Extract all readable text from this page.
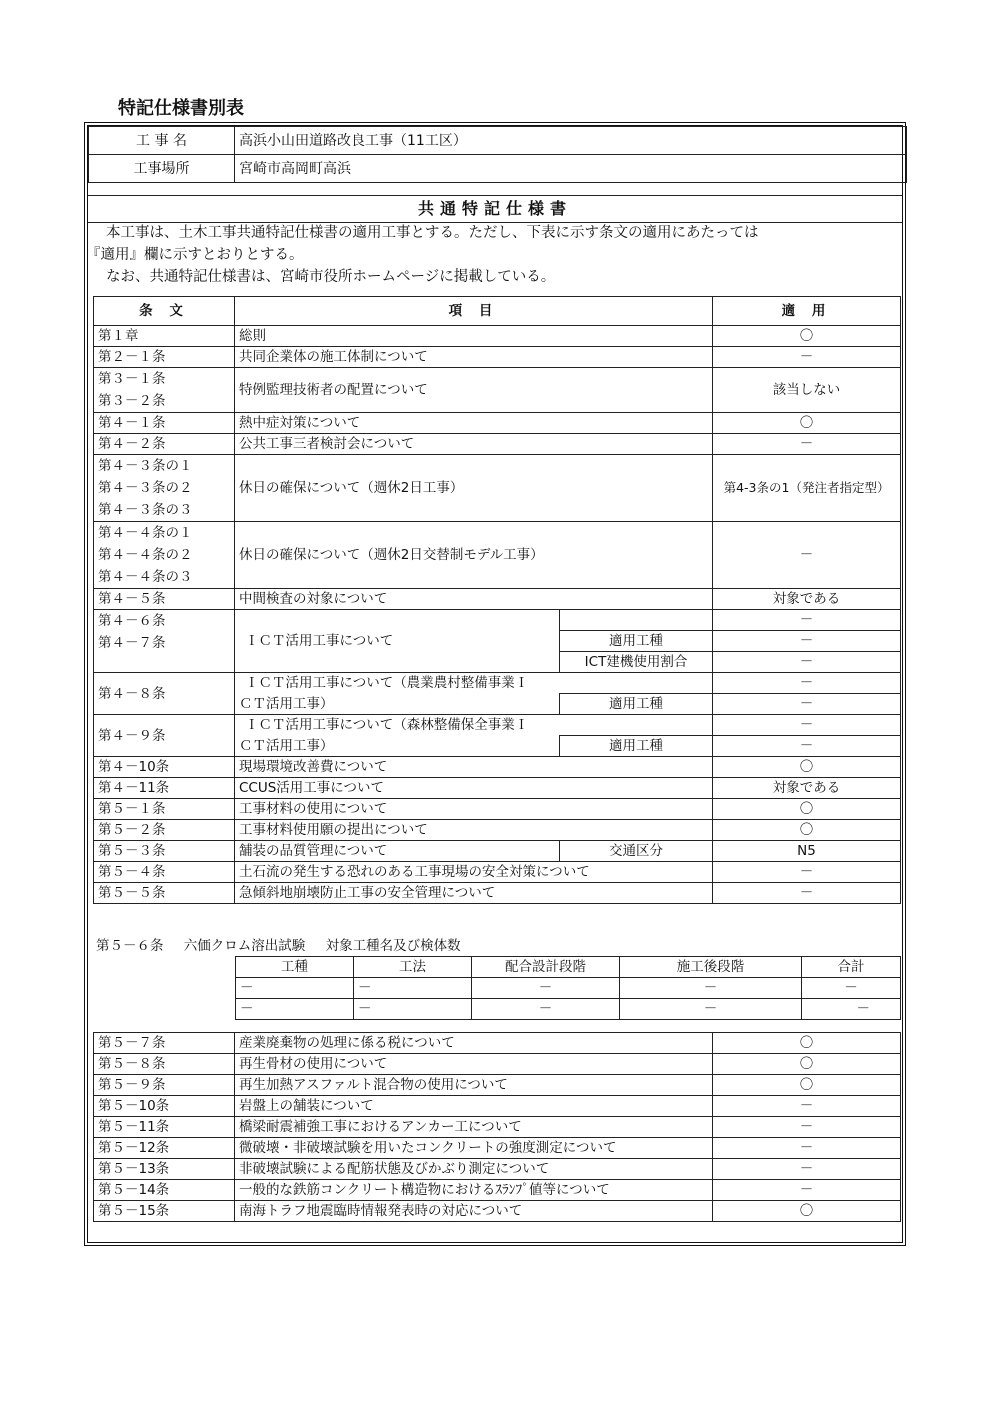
特記仕様書別表
工 事 名	高浜小山田道路改良工事（11工区）
工事場所	宮崎市高岡町高浜
共通特記仕様書

本工事は、土木工事共通特記仕様書の適用工事とする。ただし、下表に示す条文の適用にあたっては

『適用』欄に示すとおりとする。

なお、共通特記仕様書は、宮崎市役所ホームページに掲載している。

条 文	項 目		適 用
第１章	総則		〇
第２－１条	共同企業体の施工体制について		－

第３－１条
第３－２条	特例監理技術者の配置について		該当しない
第４－１条	熱中症対策について		〇
第４－２条	公共工事三者検討会について		－

第４－３条の１
第４－３条の２
第４－３条の３	休日の確保について（週休2日工事）		第4-3条の1（発注者指定型）

第４－４条の１
第４－４条の２
第４－４条の３	休日の確保について（週休2日交替制モデル工事）		－
第４－５条	中間検査の対象について		対象である

第４－６条
第４－７条	ＩＣＴ活用工事について		－
		適用工種	－
		ICT建機使用割合	－
第４－８条	ＩＣＴ活用工事について（農業農村整備事業Ｉ		－
	ＣＴ活用工事）	適用工種	－
第４－９条	ＩＣＴ活用工事について（森林整備保全事業Ｉ		－
	ＣＴ活用工事）	適用工種	－
第４－10条	現場環境改善費について		〇
第４－11条	CCUS活用工事について		対象である
第５－１条	工事材料の使用について		〇
第５－２条	工事材料使用願の提出について		〇
第５－３条	舗装の品質管理について	交通区分	N5
第５－４条	土石流の発生する恐れのある工事現場の安全対策について		－
第５－５条	急傾斜地崩壊防止工事の安全管理について		－
第５－６条 六価クロム溶出試験 対象工種名及び検体数
工種	工法	配合設計段階	施工後段階	合計
－	－	－	－	－
－	－	－	－	－
第５－７条	産業廃棄物の処理に係る税について	〇
第５－８条	再生骨材の使用について	〇
第５－９条	再生加熱アスファルト混合物の使用について	〇
第５－10条	岩盤上の舗装について	－
第５－11条	橋梁耐震補強工事におけるアンカー工について	－
第５－12条	微破壊・非破壊試験を用いたコンクリートの強度測定について	－
第５－13条	非破壊試験による配筋状態及びかぶり測定について	－
第５－14条	一般的な鉄筋コンクリート構造物におけるｽﾗﾝﾌﾟ値等について	－
第５－15条	南海トラフ地震臨時情報発表時の対応について	〇
